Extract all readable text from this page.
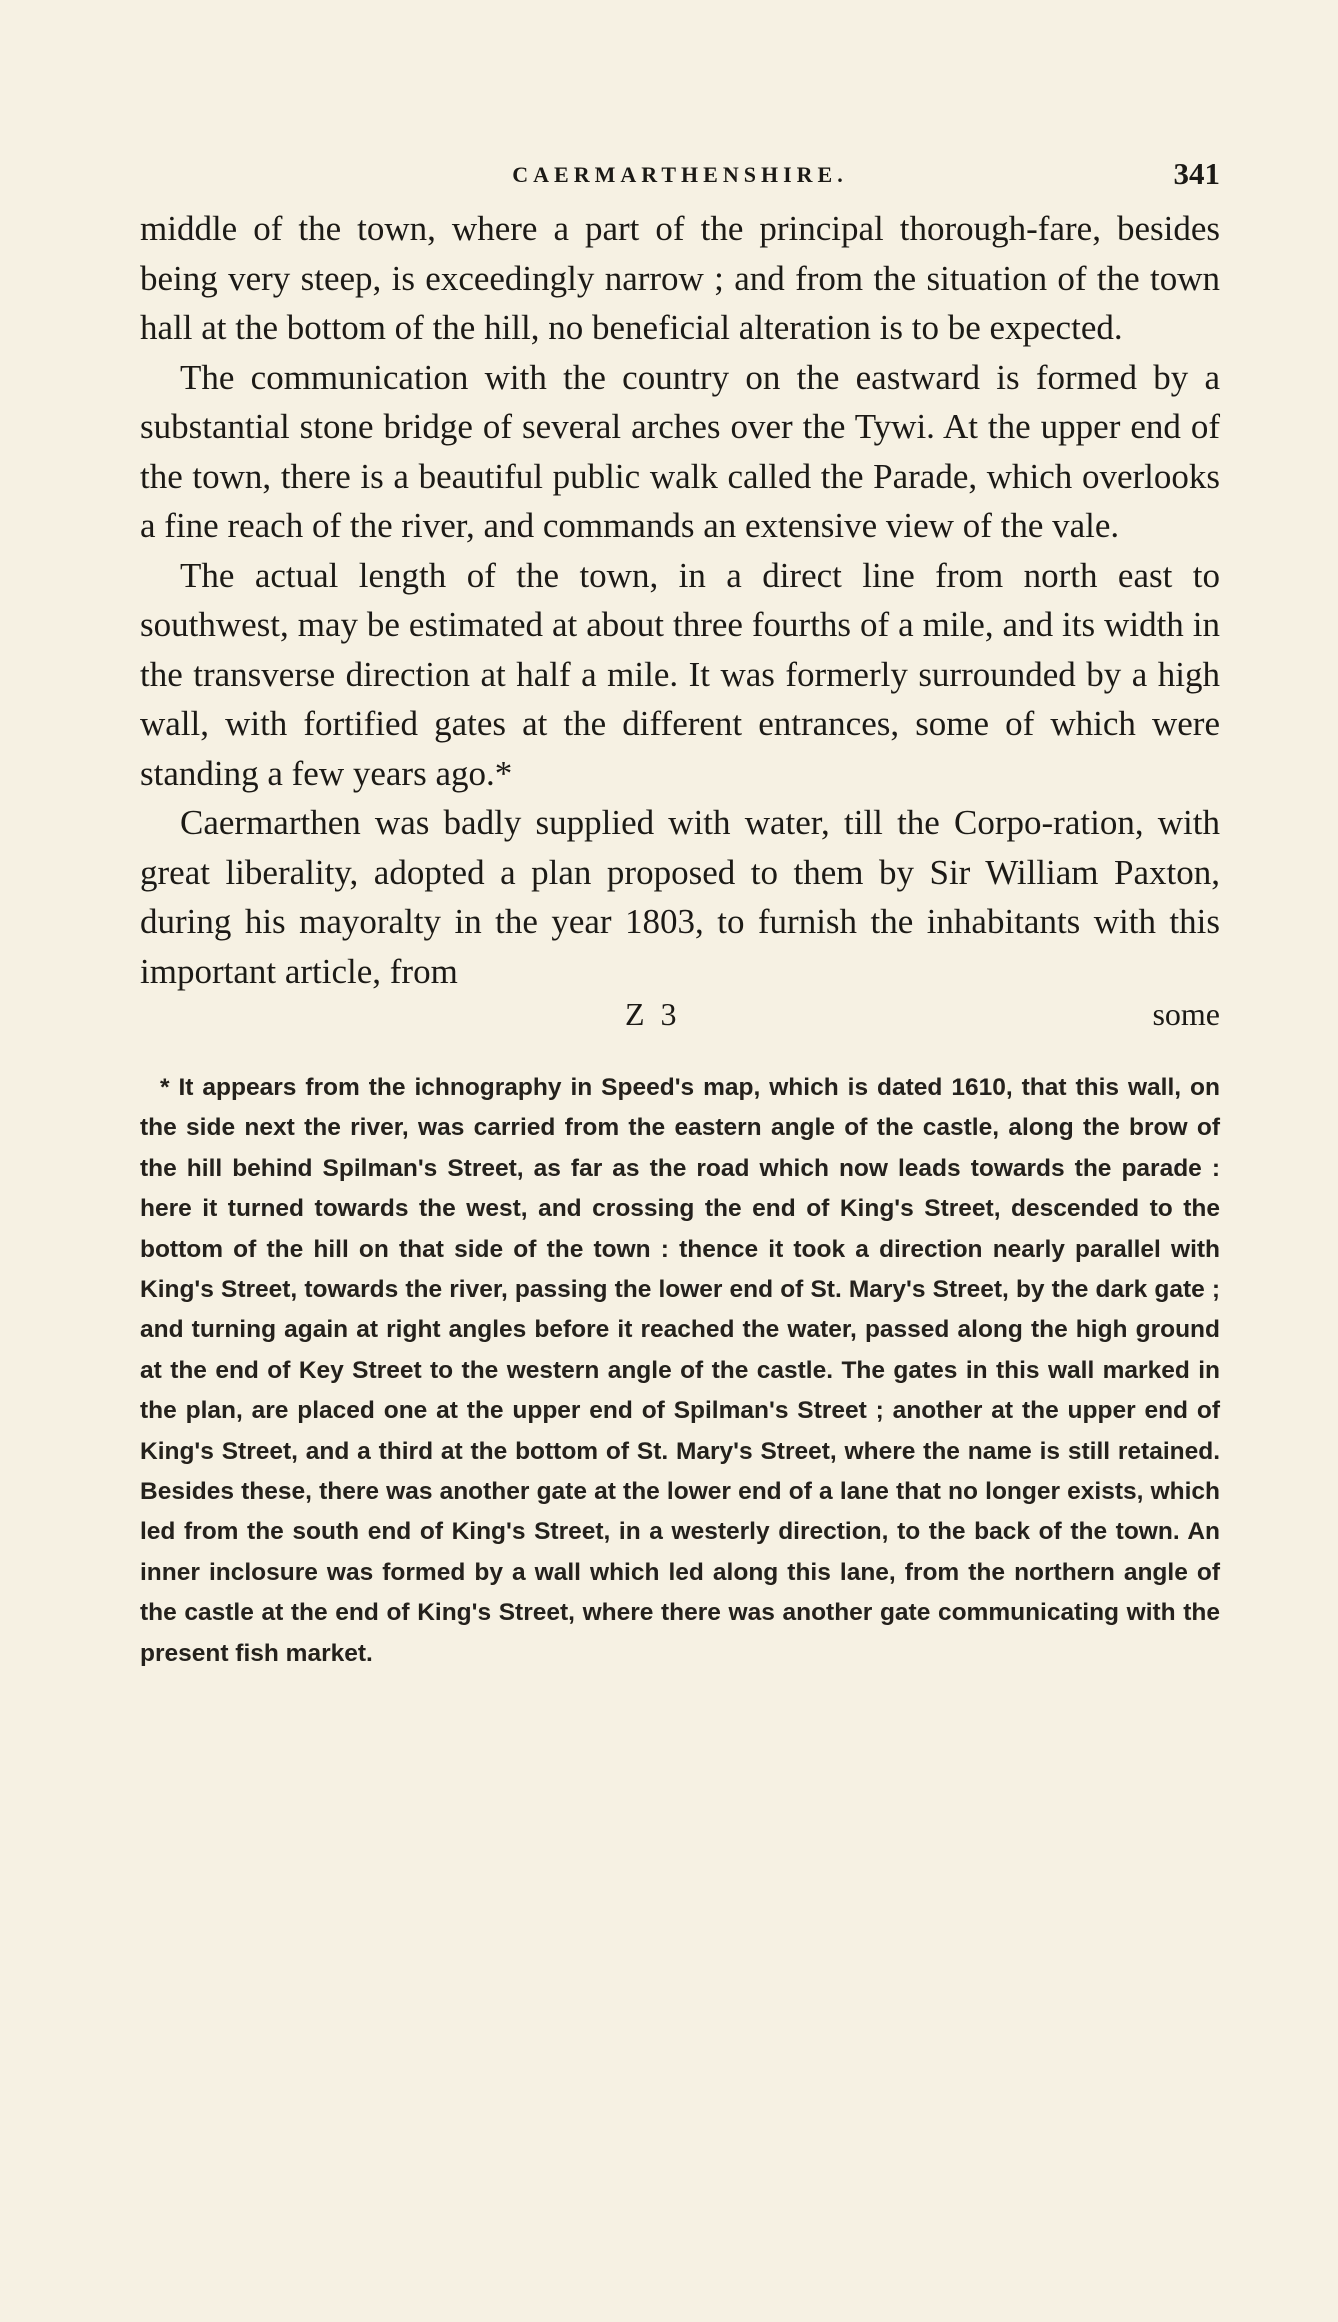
CAERMARTHENSHIRE.	341

middle of the town, where a part of the principal thorough-fare, besides being very steep, is exceedingly narrow ; and from the situation of the town hall at the bottom of the hill, no beneficial alteration is to be expected.

The communication with the country on the eastward is formed by a substantial stone bridge of several arches over the Tywi. At the upper end of the town, there is a beautiful public walk called the Parade, which overlooks a fine reach of the river, and commands an extensive view of the vale.

The actual length of the town, in a direct line from north east to southwest, may be estimated at about three fourths of a mile, and its width in the transverse direction at half a mile. It was formerly surrounded by a high wall, with fortified gates at the different entrances, some of which were standing a few years ago.*

Caermarthen was badly supplied with water, till the Corpo-ration, with great liberality, adopted a plan proposed to them by Sir William Paxton, during his mayoralty in the year 1803, to furnish the inhabitants with this important article, from

Z 3	some
* It appears from the ichnography in Speed's map, which is dated 1610, that this wall, on the side next the river, was carried from the eastern angle of the castle, along the brow of the hill behind Spilman's Street, as far as the road which now leads towards the parade : here it turned towards the west, and crossing the end of King's Street, descended to the bottom of the hill on that side of the town : thence it took a direction nearly parallel with King's Street, towards the river, passing the lower end of St. Mary's Street, by the dark gate ; and turning again at right angles before it reached the water, passed along the high ground at the end of Key Street to the western angle of the castle. The gates in this wall marked in the plan, are placed one at the upper end of Spilman's Street ; another at the upper end of King's Street, and a third at the bottom of St. Mary's Street, where the name is still retained. Besides these, there was another gate at the lower end of a lane that no longer exists, which led from the south end of King's Street, in a westerly direction, to the back of the town. An inner inclosure was formed by a wall which led along this lane, from the northern angle of the castle at the end of King's Street, where there was another gate communicating with the present fish market.
